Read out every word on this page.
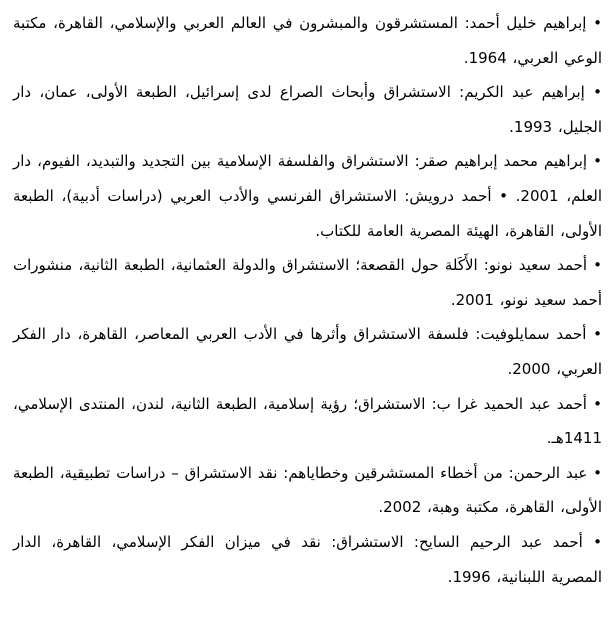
• إبراهيم خليل أحمد: المستشرقون والمبشرون في العالم العربي والإسلامي، القاهرة، مكتبة الوعي العربي، 1964.

• إبراهيم عبد الكريم: الاستشراق وأبحاث الصراع لدى إسرائيل، الطبعة الأولى، عمان، دار الجليل، 1993.

• إبراهيم محمد إبراهيم صقر: الاستشراق والفلسفة الإسلامية بين التجديد والتبديد، الفيوم، دار العلم، 2001. • أحمد درويش: الاستشراق الفرنسي والأدب العربي (دراسات أدبية)، الطبعة الأولى، القاهرة، الهيئة المصرية العامة للكتاب.

• أحمد سعيد نونو: الأَكَلة حول القصعة؛ الاستشراق والدولة العثمانية، الطبعة الثانية، منشورات أحمد سعيد نونو، 2001.

• أحمد سمايلوفيت: فلسفة الاستشراق وأثرها في الأدب العربي المعاصر، القاهرة، دار الفكر العربي، 2000.

• أحمد عبد الحميد غرا ب: الاستشراق؛ رؤية إسلامية، الطبعة الثانية، لندن، المنتدى الإسلامي، 1411هـ.

• عبد الرحمن: من أخطاء المستشرقين وخطاياهم: نقد الاستشراق – دراسات تطبيقية، الطبعة الأولى، القاهرة، مكتبة وهبة، 2002.

• أحمد عبد الرحيم السايح: الاستشراق: نقد في ميزان الفكر الإسلامي، القاهرة، الدار المصرية اللبنانية، 1996.
